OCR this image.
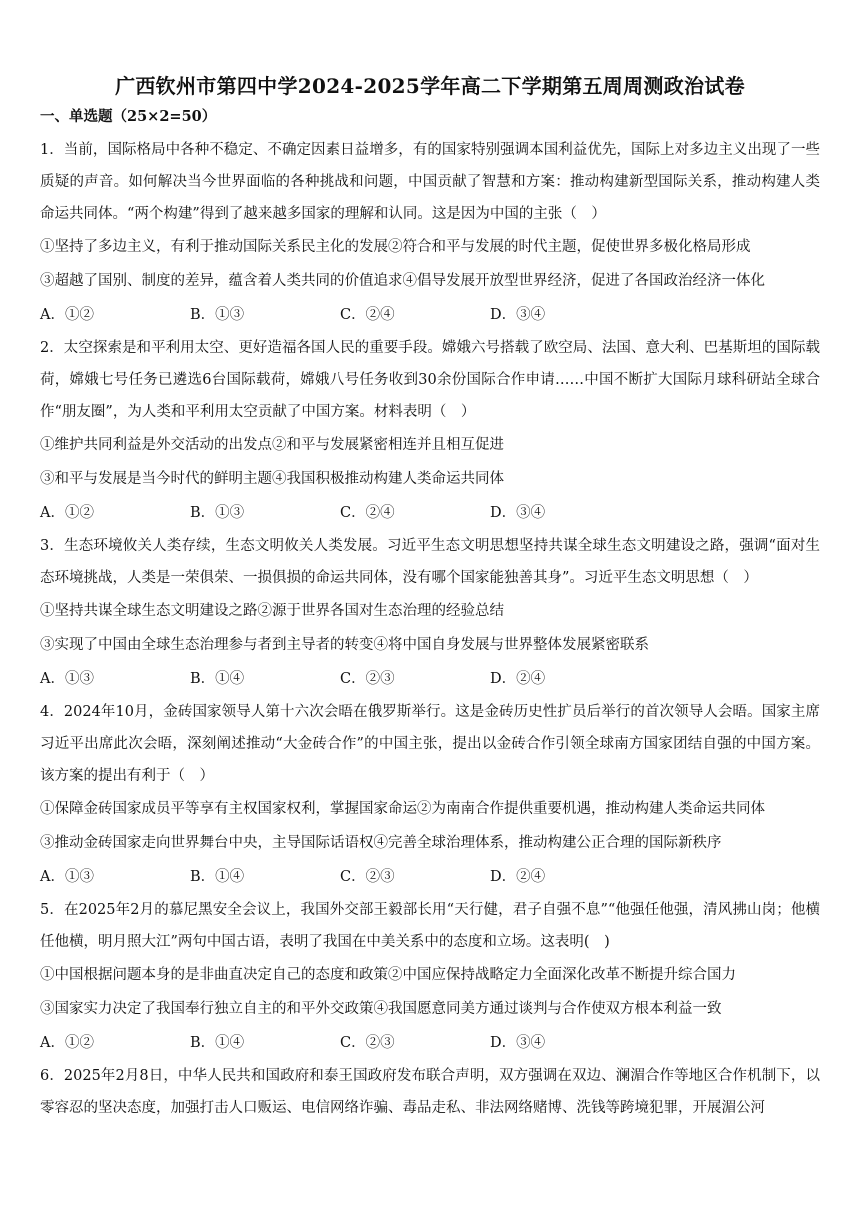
广西钦州市第四中学2024-2025学年高二下学期第五周周测政治试卷
一、单选题（25×2=50）

1．当前，国际格局中各种不稳定、不确定因素日益增多，有的国家特别强调本国利益优先，国际上对多边主义出现了一些质疑的声音。如何解决当今世界面临的各种挑战和问题，中国贡献了智慧和方案：推动构建新型国际关系，推动构建人类命运共同体。“两个构建”得到了越来越多国家的理解和认同。这是因为中国的主张（　）

①坚持了多边主义，有利于推动国际关系民主化的发展②符合和平与发展的时代主题，促使世界多极化格局形成

③超越了国别、制度的差异，蕴含着人类共同的价值追求④倡导发展开放型世界经济，促进了各国政治经济一体化

A．①②	B．①③	C．②④	D．③④

2．太空探索是和平利用太空、更好造福各国人民的重要手段。嫦娥六号搭载了欧空局、法国、意大利、巴基斯坦的国际载荷，嫦娥七号任务已遴选6台国际载荷，嫦娥八号任务收到30余份国际合作申请……中国不断扩大国际月球科研站全球合作“朋友圈”，为人类和平利用太空贡献了中国方案。材料表明（　）

①维护共同利益是外交活动的出发点②和平与发展紧密相连并且相互促进

③和平与发展是当今时代的鲜明主题④我国积极推动构建人类命运共同体

A．①②	B．①③	C．②④	D．③④

3．生态环境攸关人类存续，生态文明攸关人类发展。习近平生态文明思想坚持共谋全球生态文明建设之路，强调“面对生态环境挑战，人类是一荣俱荣、一损俱损的命运共同体，没有哪个国家能独善其身”。习近平生态文明思想（　）

①坚持共谋全球生态文明建设之路②源于世界各国对生态治理的经验总结

③实现了中国由全球生态治理参与者到主导者的转变④将中国自身发展与世界整体发展紧密联系

A．①③	B．①④	C．②③	D．②④

4．2024年10月，金砖国家领导人第十六次会晤在俄罗斯举行。这是金砖历史性扩员后举行的首次领导人会晤。国家主席习近平出席此次会晤，深刻阐述推动“大金砖合作”的中国主张，提出以金砖合作引领全球南方国家团结自强的中国方案。该方案的提出有利于（　）

①保障金砖国家成员平等享有主权国家权利，掌握国家命运②为南南合作提供重要机遇，推动构建人类命运共同体

③推动金砖国家走向世界舞台中央，主导国际话语权④完善全球治理体系，推动构建公正合理的国际新秩序

A．①③	B．①④	C．②③	D．②④

5．在2025年2月的慕尼黑安全会议上，我国外交部王毅部长用“天行健，君子自强不息”“他强任他强，清风拂山岗；他横任他横，明月照大江”两句中国古语，表明了我国在中美关系中的态度和立场。这表明(　)

①中国根据问题本身的是非曲直决定自己的态度和政策②中国应保持战略定力全面深化改革不断提升综合国力

③国家实力决定了我国奉行独立自主的和平外交政策④我国愿意同美方通过谈判与合作使双方根本利益一致

A．①②	B．①④	C．②③	D．③④

6．2025年2月8日，中华人民共和国政府和泰王国政府发布联合声明，双方强调在双边、澜湄合作等地区合作机制下，以零容忍的坚决态度，加强打击人口贩运、电信网络诈骗、毒品走私、非法网络赌博、洗钱等跨境犯罪，开展湄公河
